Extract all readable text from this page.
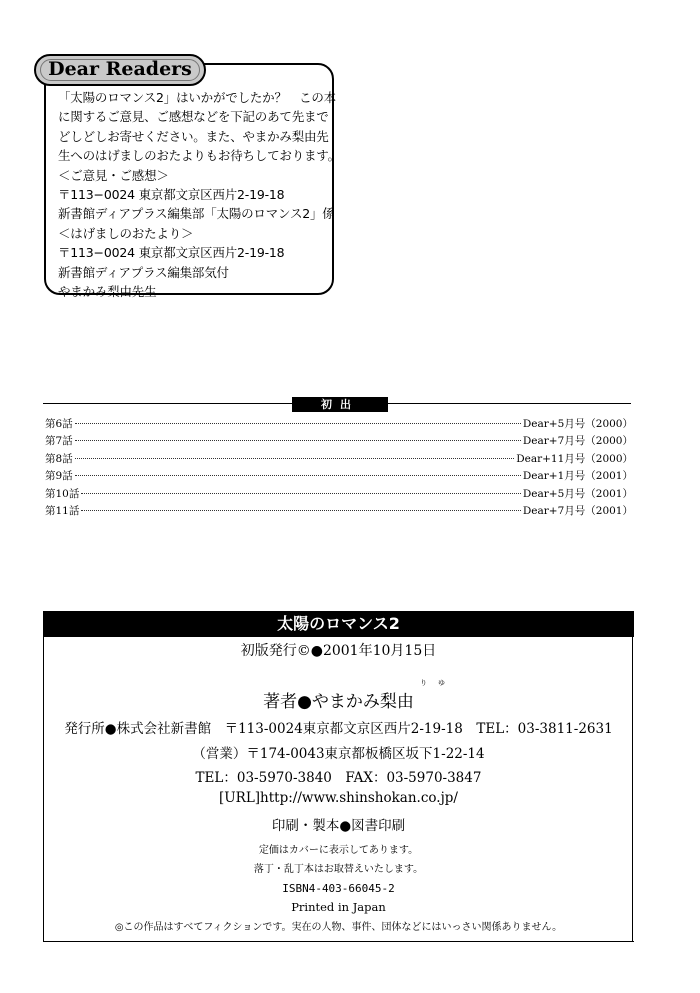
Dear Readers
「太陽のロマンス2」はいかがでしたか？　この本
に関するご意見、ご感想などを下記のあて先まで
どしどしお寄せください。また、やまかみ梨由先
生へのはげましのおたよりもお待ちしております。
＜ご意見・ご感想＞
〒113−0024 東京都文京区西片2-19-18
新書館ディアプラス編集部「太陽のロマンス2」係
＜はげましのおたより＞
〒113−0024 東京都文京区西片2-19-18
新書館ディアプラス編集部気付
やまかみ梨由先生
初出
第6話	Dear+5月号（2000）
第7話	Dear+7月号（2000）
第8話	Dear+11月号（2000）
第9話	Dear+1月号（2001）
第10話	Dear+5月号（2001）
第11話	Dear+7月号（2001）
太陽のロマンス2
初版発行©●2001年10月15日
り ゆ
著者●やまかみ梨由
発行所●株式会社新書館　〒113-0024東京都文京区西片2-19-18　TEL：03-3811-2631
（営業）〒174-0043東京都板橋区坂下1-22-14
TEL：03-5970-3840　FAX：03-5970-3847
[URL]http://www.shinshokan.co.jp/
印刷・製本●図書印刷
定価はカバーに表示してあります。
落丁・乱丁本はお取替えいたします。
ISBN4-403-66045-2
Printed in Japan
◎この作品はすべてフィクションです。実在の人物、事件、団体などにはいっさい関係ありません。
